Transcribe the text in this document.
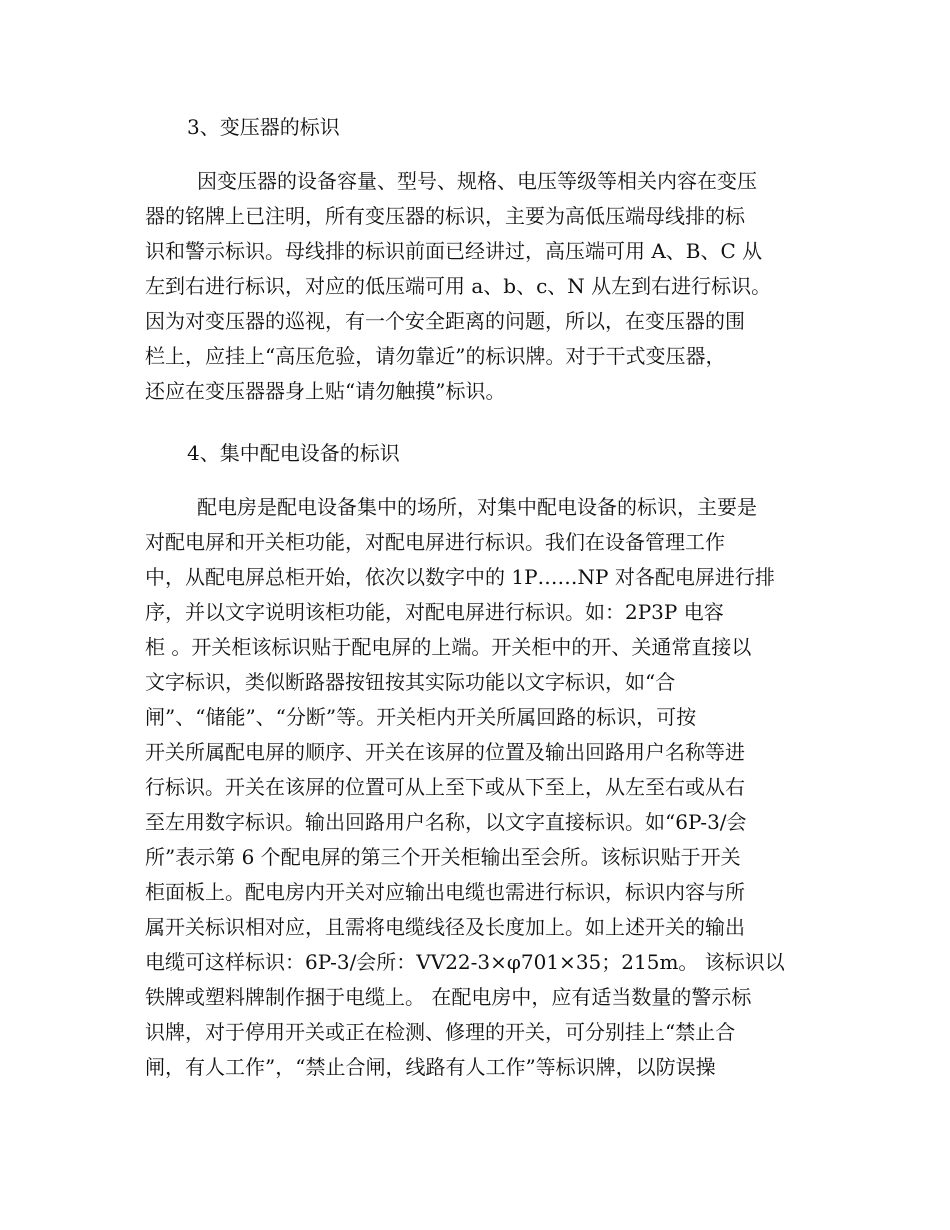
3、变压器的标识
因变压器的设备容量、型号、规格、电压等级等相关内容在变压
器的铭牌上已注明，所有变压器的标识，主要为高低压端母线排的标
识和警示标识。母线排的标识前面已经讲过，高压端可用 A、B、C 从
左到右进行标识，对应的低压端可用 a、b、c、N 从左到右进行标识。
因为对变压器的巡视，有一个安全距离的问题，所以，在变压器的围
栏上，应挂上“高压危验，请勿靠近”的标识牌。对于干式变压器，
还应在变压器器身上贴“请勿触摸”标识。
4、集中配电设备的标识
配电房是配电设备集中的场所，对集中配电设备的标识，主要是
对配电屏和开关柜功能，对配电屏进行标识。我们在设备管理工作
中，从配电屏总柜开始，依次以数字中的 1P……NP 对各配电屏进行排
序，并以文字说明该柜功能，对配电屏进行标识。如：2P3P 电容
柜 。开关柜该标识贴于配电屏的上端。开关柜中的开、关通常直接以
文字标识，类似断路器按钮按其实际功能以文字标识，如“合
闸”、“储能”、“分断”等。开关柜内开关所属回路的标识，可按
开关所属配电屏的顺序、开关在该屏的位置及输出回路用户名称等进
行标识。开关在该屏的位置可从上至下或从下至上，从左至右或从右
至左用数字标识。输出回路用户名称，以文字直接标识。如“6P-3/会
所”表示第 6 个配电屏的第三个开关柜输出至会所。该标识贴于开关
柜面板上。配电房内开关对应输出电缆也需进行标识，标识内容与所
属开关标识相对应，且需将电缆线径及长度加上。如上述开关的输出
电缆可这样标识：6P-3/会所：VV22-3×φ701×35；215m。 该标识以
铁牌或塑料牌制作捆于电缆上。 在配电房中，应有适当数量的警示标
识牌，对于停用开关或正在检测、修理的开关，可分别挂上“禁止合
闸，有人工作”，“禁止合闸，线路有人工作”等标识牌，以防误操
